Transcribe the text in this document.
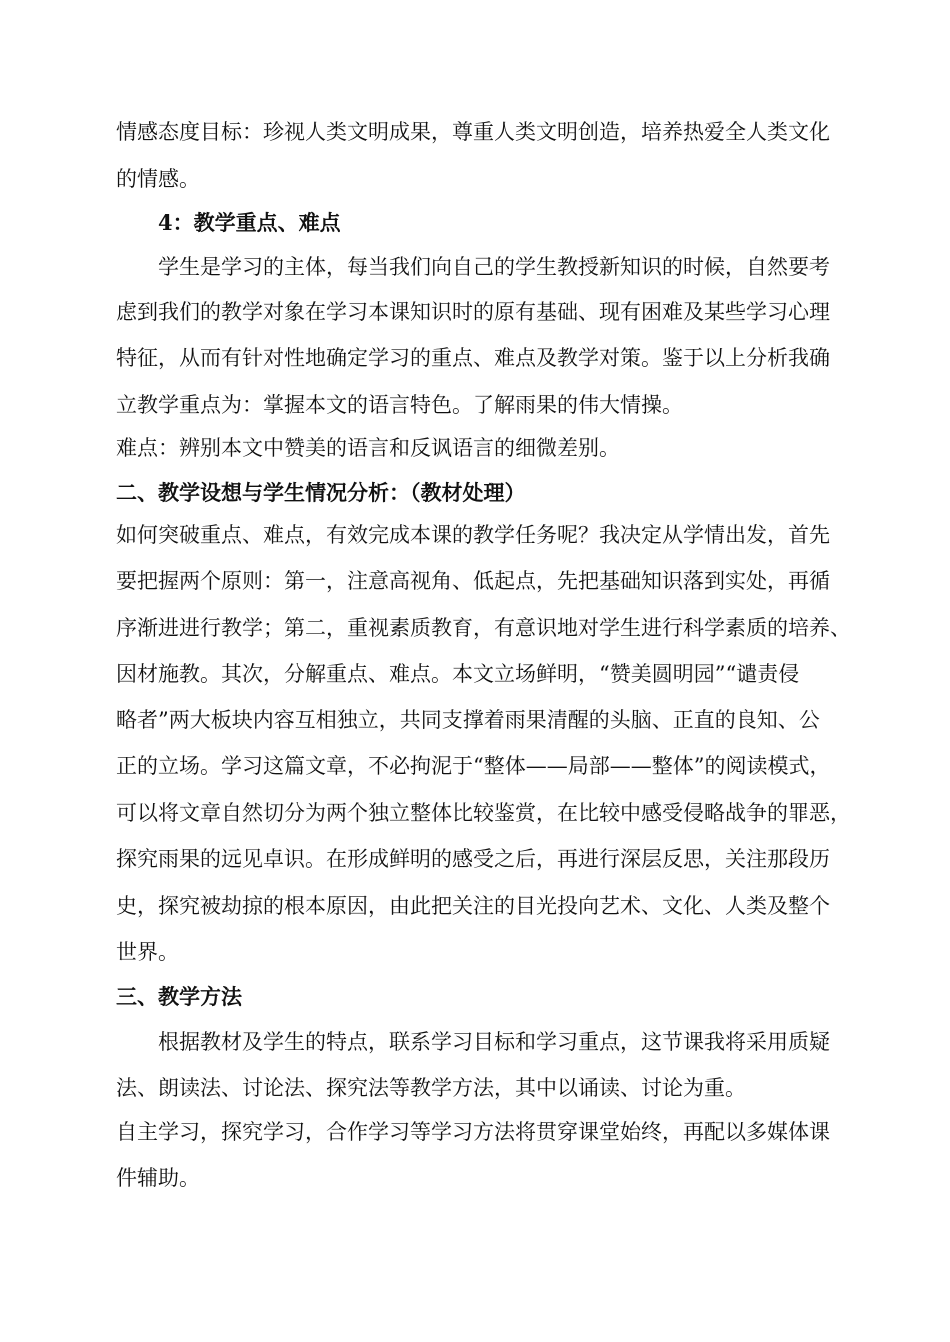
情感态度目标：珍视人类文明成果，尊重人类文明创造，培养热爱全人类文化
的情感。
4：教学重点、难点
学生是学习的主体，每当我们向自己的学生教授新知识的时候，自然要考
虑到我们的教学对象在学习本课知识时的原有基础、现有困难及某些学习心理
特征，从而有针对性地确定学习的重点、难点及教学对策。鉴于以上分析我确
立教学重点为：掌握本文的语言特色。了解雨果的伟大情操。
难点：辨别本文中赞美的语言和反讽语言的细微差别。
二、教学设想与学生情况分析：（教材处理）
如何突破重点、难点，有效完成本课的教学任务呢？我决定从学情出发，首先
要把握两个原则：第一，注意高视角、低起点，先把基础知识落到实处，再循
序渐进进行教学；第二，重视素质教育，有意识地对学生进行科学素质的培养、
因材施教。其次，分解重点、难点。本文立场鲜明，“赞美圆明园”“谴责侵
略者”两大板块内容互相独立，共同支撑着雨果清醒的头脑、正直的良知、公
正的立场。学习这篇文章，不必拘泥于“整体——局部——整体”的阅读模式，
可以将文章自然切分为两个独立整体比较鉴赏，在比较中感受侵略战争的罪恶，
探究雨果的远见卓识。在形成鲜明的感受之后，再进行深层反思，关注那段历
史，探究被劫掠的根本原因，由此把关注的目光投向艺术、文化、人类及整个
世界。
三、教学方法
根据教材及学生的特点，联系学习目标和学习重点，这节课我将采用质疑
法、朗读法、讨论法、探究法等教学方法，其中以诵读、讨论为重。
自主学习，探究学习，合作学习等学习方法将贯穿课堂始终，再配以多媒体课
件辅助。
